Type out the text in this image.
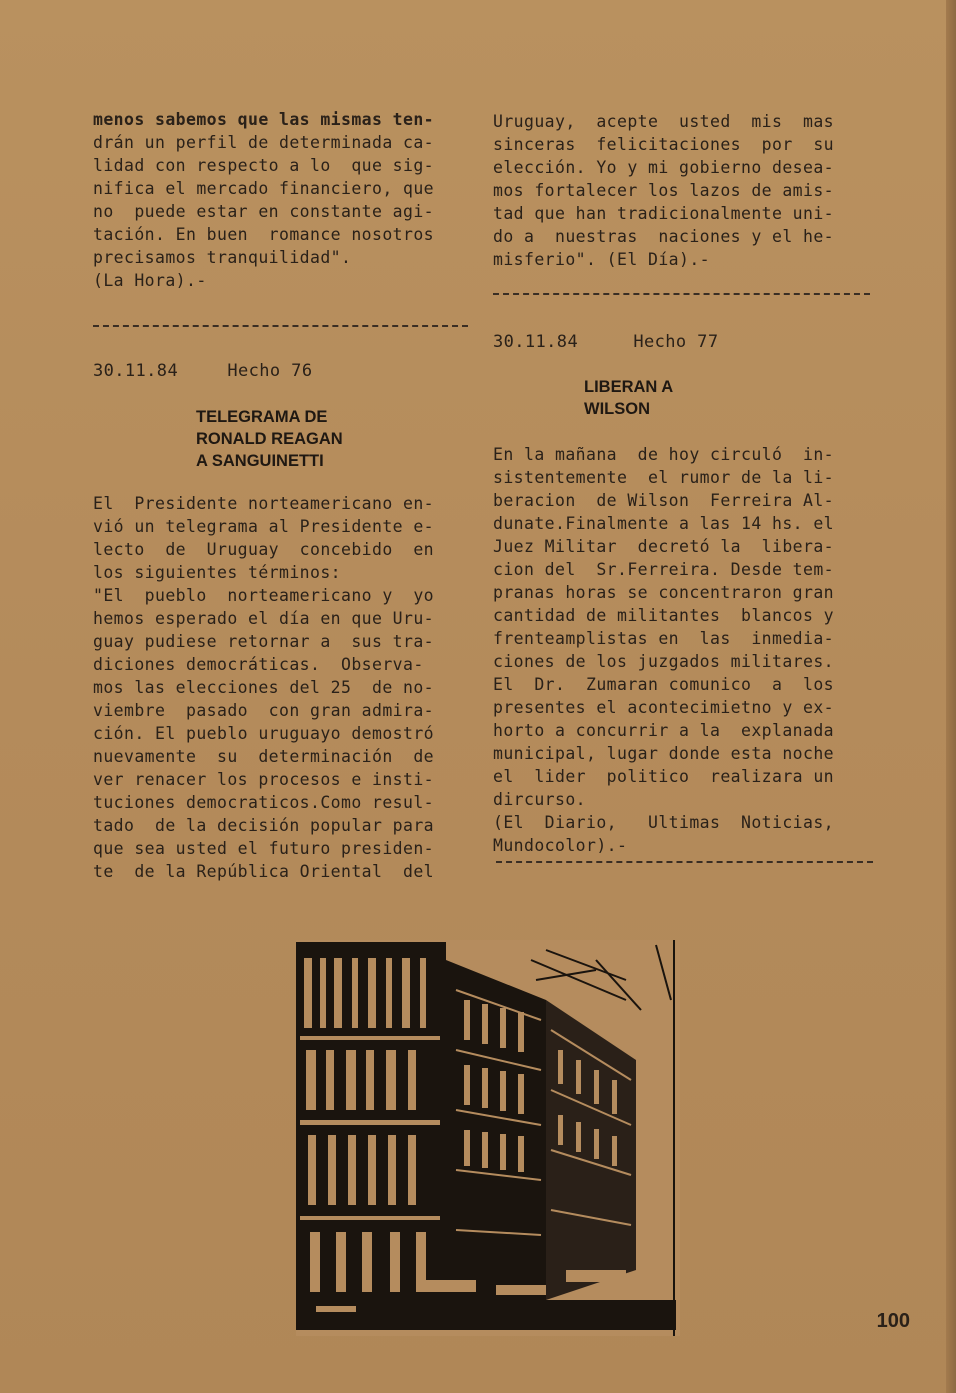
menos sabemos que las mismas ten-

drán un perfil de determinada ca-

lidad con respecto a lo  que sig-

nifica el mercado financiero, que

no  puede estar en constante agi-

tación. En buen  romance nosotros

precisamos tranquilidad".

(La Hora).-

30.11.84	Hecho 76
TELEGRAMA DE
RONALD REAGAN
A SANGUINETTI

El  Presidente norteamericano en-

vió un telegrama al Presidente e-

lecto  de  Uruguay  concebido  en

los siguientes términos:

"El  pueblo  norteamericano y  yo

hemos esperado el día en que Uru-

guay pudiese retornar a  sus tra-

diciones democráticas.  Observa-

mos las elecciones del 25  de no-

viembre  pasado  con gran admira-

ción. El pueblo uruguayo demostró

nuevamente  su  determinación  de

ver renacer los procesos e insti-

tuciones democraticos.Como resul-

tado  de la decisión popular para

que sea usted el futuro presiden-

te  de la República Oriental  del

Uruguay,  acepte  usted  mis  mas

sinceras  felicitaciones  por  su

elección. Yo y mi gobierno desea-

mos fortalecer los lazos de amis-

tad que han tradicionalmente uni-

do a  nuestras  naciones y el he-

misferio". (El Día).-

30.11.84	Hecho 77
LIBERAN A
WILSON

En la mañana  de hoy circuló  in-

sistentemente  el rumor de la li-

beracion  de Wilson  Ferreira Al-

dunate.Finalmente a las 14 hs. el

Juez Militar  decretó la  libera-

cion del  Sr.Ferreira. Desde tem-

pranas horas se concentraron gran

cantidad de militantes  blancos y

frenteamplistas en  las  inmedia-

ciones de los juzgados militares.

El  Dr.  Zumaran comunico  a  los

presentes el acontecimietno y ex-

horto a concurrir a la  explanada

municipal, lugar donde esta noche

el  lider  politico  realizara un

dircurso.

(El  Diario,   Ultimas  Noticias,

Mundocolor).-

100
